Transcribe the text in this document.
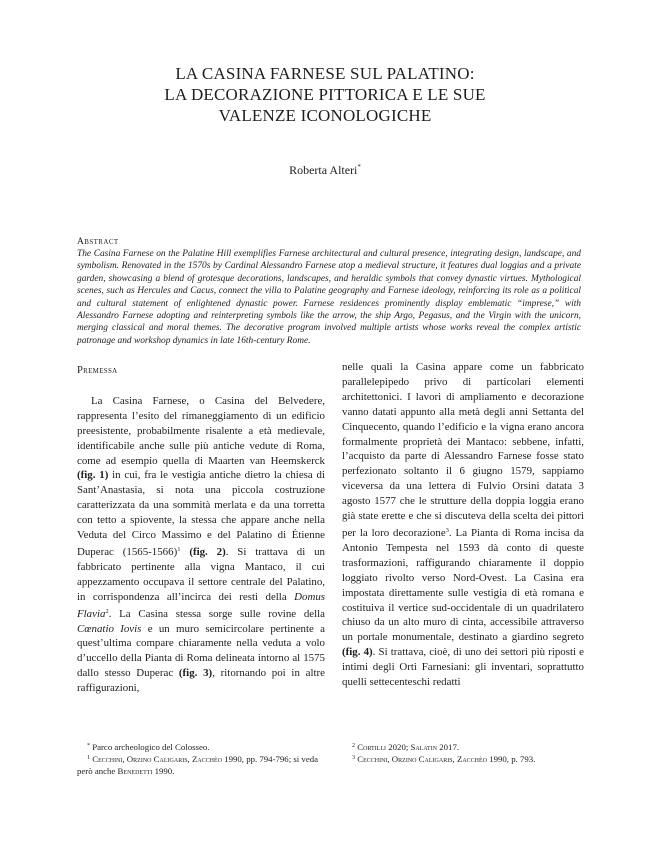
LA CASINA FARNESE SUL PALATINO:
LA DECORAZIONE PITTORICA E LE SUE
VALENZE ICONOLOGICHE
Roberta Alteri*
Abstract
The Casina Farnese on the Palatine Hill exemplifies Farnese architectural and cultural presence, integrating design, landscape, and symbolism. Renovated in the 1570s by Cardinal Alessandro Farnese atop a medieval structure, it features dual loggias and a private garden, showcasing a blend of grotesque decorations, landscapes, and heraldic symbols that convey dynastic virtues. Mythological scenes, such as Hercules and Cacus, connect the villa to Palatine geography and Farnese ideology, reinforcing its role as a political and cultural statement of enlightened dynastic power. Farnese residences prominently display emblematic “imprese,” with Alessandro Farnese adopting and reinterpreting symbols like the arrow, the ship Argo, Pegasus, and the Virgin with the unicorn, merging classical and moral themes. The decorative program involved multiple artists whose works reveal the complex artistic patronage and workshop dynamics in late 16th-century Rome.
Premessa

La Casina Farnese, o Casina del Belvedere, rappresenta l’esito del rimaneggiamento di un edificio preesistente, probabilmente risalente a età medievale, identificabile anche sulle più antiche vedute di Roma, come ad esempio quella di Maarten van Heemskerck (fig. 1) in cui, fra le vestigia antiche dietro la chiesa di Sant’Anastasia, si nota una piccola costruzione caratterizzata da una sommità merlata e da una torretta con tetto a spiovente, la stessa che appare anche nella Veduta del Circo Massimo e del Palatino di Étienne Duperac (1565-1566)$^1$ (fig. 2). Si trattava di un fabbricato pertinente alla vigna Mantaco, il cui appezzamento occupava il settore centrale del Palatino, in corrispondenza all’incirca dei resti della Domus Flavia$^2$. La Casina stessa sorge sulle rovine della Cœnatio Iovis e un muro semicircolare pertinente a quest’ultima compare chiaramente nella veduta a volo d’uccello della Pianta di Roma delineata intorno al 1575 dallo stesso Duperac (fig. 3), ritornando poi in altre raffigurazioni,

nelle quali la Casina appare come un fabbricato parallelepipedo privo di particolari elementi architettonici. I lavori di ampliamento e decorazione vanno datati appunto alla metà degli anni Settanta del Cinquecento, quando l’edificio e la vigna erano ancora formalmente proprietà dei Mantaco: sebbene, infatti, l’acquisto da parte di Alessandro Farnese fosse stato perfezionato soltanto il 6 giugno 1579, sappiamo viceversa da una lettera di Fulvio Orsini datata 3 agosto 1577 che le strutture della doppia loggia erano già state erette e che si discuteva della scelta dei pittori per la loro decorazione$^3$. La Pianta di Roma incisa da Antonio Tempesta nel 1593 dà conto di queste trasformazioni, raffigurando chiaramente il doppio loggiato rivolto verso Nord-Ovest. La Casina era impostata direttamente sulle vestigia di età romana e costituiva il vertice sud-occidentale di un quadrilatero chiuso da un alto muro di cinta, accessibile attraverso un portale monumentale, destinato a giardino segreto (fig. 4). Si trattava, cioè, di uno dei settori più riposti e intimi degli Orti Farnesiani: gli inventari, soprattutto quelli settecenteschi redatti

* Parco archeologico del Colosseo.
$^1$ Cecchini, Orzino Caligaris, Zacchèo 1990, pp. 794-796; si veda però anche Benedetti 1990.
$^2$ Cortilli 2020; Salatin 2017.
$^3$ Cecchini, Orzino Caligaris, Zacchèo 1990, p. 793.
